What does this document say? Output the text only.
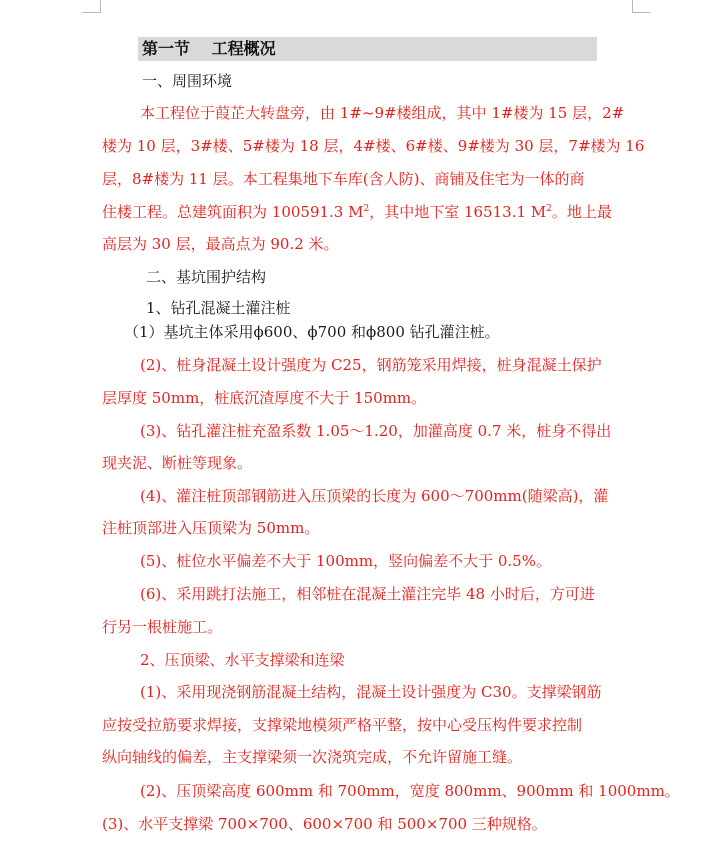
第一节　 工程概况
一、周围环境
本工程位于葭芷大转盘旁，由 1#~9#楼组成，其中 1#楼为 15 层，2#
楼为 10 层，3#楼、5#楼为 18 层，4#楼、6#楼、9#楼为 30 层，7#楼为 16
层，8#楼为 11 层。本工程集地下车库(含人防)、商铺及住宅为一体的商
住楼工程。总建筑面积为 100591.3 $M^2$，其中地下室 16513.1 $M^2$。地上最
高层为 30 层，最高点为 90.2 米。
二、基坑围护结构
1、钻孔混凝土灌注桩
（1）基坑主体采用ϕ600、ϕ700 和ϕ800 钻孔灌注桩。
(2)、桩身混凝土设计强度为 C25，钢筋笼采用焊接，桩身混凝土保护
层厚度 50mm，桩底沉渣厚度不大于 150mm。
(3)、钻孔灌注桩充盈系数 1.05～1.20，加灌高度 0.7 米，桩身不得出
现夹泥、断桩等现象。
(4)、灌注桩顶部钢筋进入压顶梁的长度为 600～700mm(随梁高)，灌
注桩顶部进入压顶梁为 50mm。
(5)、桩位水平偏差不大于 100mm，竖向偏差不大于 0.5%。
(6)、采用跳打法施工，相邻桩在混凝土灌注完毕 48 小时后，方可进
行另一根桩施工。
2、压顶梁、水平支撑梁和连梁
(1)、采用现浇钢筋混凝土结构，混凝土设计强度为 C30。支撑梁钢筋
应按受拉筋要求焊接，支撑梁地模须严格平整，按中心受压构件要求控制
纵向轴线的偏差，主支撑梁须一次浇筑完成，不允许留施工缝。
(2)、压顶梁高度 600mm 和 700mm，宽度 800mm、900mm 和 1000mm。
(3)、水平支撑梁 700×700、600×700 和 500×700 三种规格。
